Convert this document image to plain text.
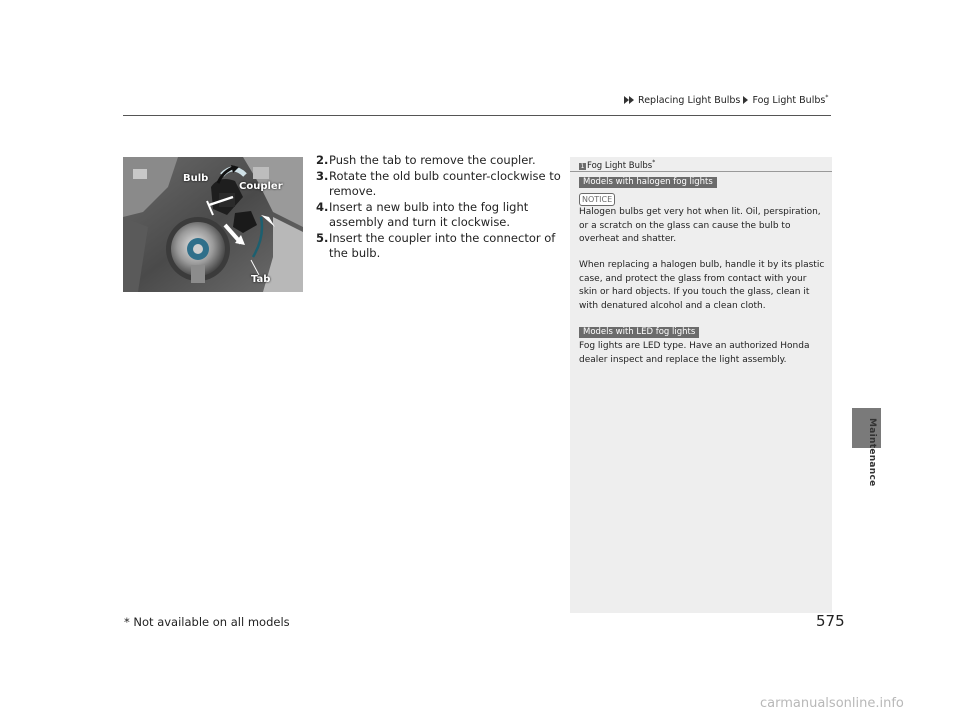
Replacing Light Bulbs Fog Light Bulbs*
Maintenance
Bulb
Coupler
Tab

2. Push the tab to remove the coupler.

3. Rotate the old bulb counter-clockwise to remove.

4. Insert a new bulb into the fog light assembly and turn it clockwise.

5. Insert the coupler into the connector of the bulb.

1 Fog Light Bulbs*
Models with halogen fog lights
NOTICE
Halogen bulbs get very hot when lit. Oil, perspiration, or a scratch on the glass can cause the bulb to overheat and shatter.
When replacing a halogen bulb, handle it by its plastic case, and protect the glass from contact with your skin or hard objects. If you touch the glass, clean it with denatured alcohol and a clean cloth.
Models with LED fog lights
Fog lights are LED type. Have an authorized Honda dealer inspect and replace the light assembly.
* Not available on all models	575
carmanualsonline.info
